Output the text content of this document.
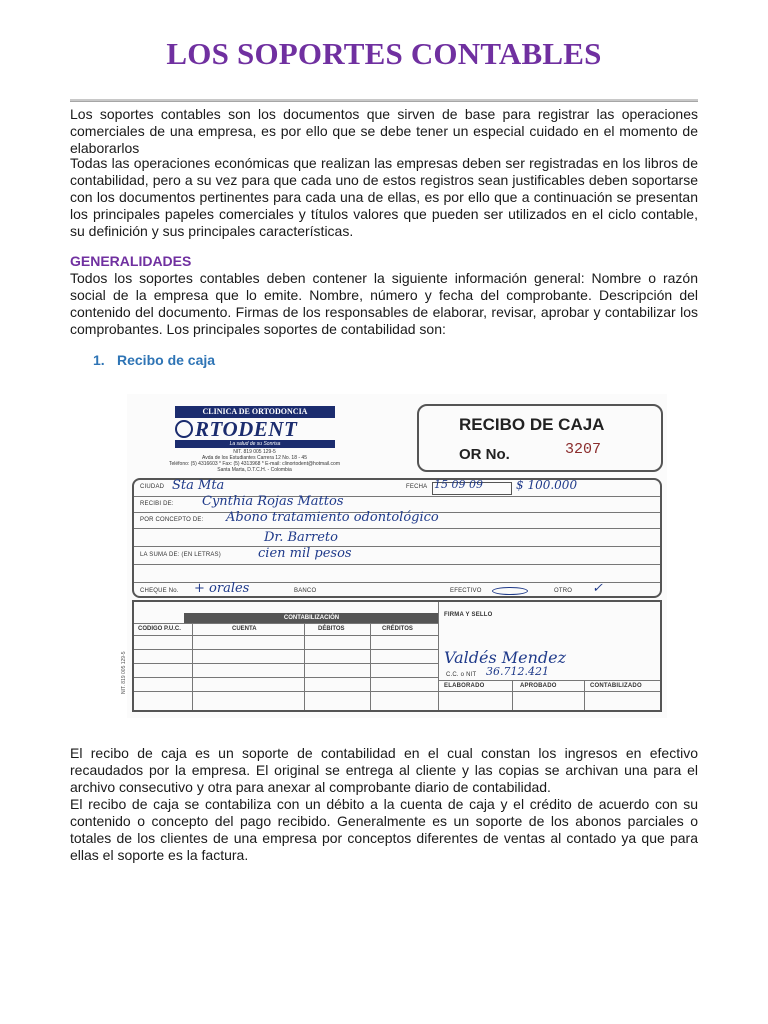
LOS SOPORTES CONTABLES

Los soportes contables son los documentos que sirven de base para registrar las operaciones comerciales de una empresa, es por ello que se debe tener un especial cuidado en el momento de elaborarlos

Todas las operaciones económicas que realizan las empresas deben ser registradas en los libros de contabilidad, pero a su vez para que cada uno de estos registros sean justificables deben soportarse con los documentos pertinentes para cada una de ellas, es por ello que a continuación se presentan los principales papeles comerciales y títulos valores que pueden ser utilizados en el ciclo contable, su definición y sus principales características.

GENERALIDADES

Todos los soportes contables deben contener la siguiente información general: Nombre o razón social de la empresa que lo emite. Nombre, número y fecha del comprobante. Descripción del contenido del documento. Firmas de los responsables de elaborar, revisar, aprobar y contabilizar los comprobantes. Los principales soportes de contabilidad son:

1. Recibo de caja
CLINICA DE ORTODONCIA
RTODENT
La salud de su Sonrisa
NIT. 819 005 129-5
Avda de los Estudiantes Carrera 12 No. 18 - 45
Teléfono: (5) 4316603 * Fax: (5) 4313968 * E-mail: clinortodent@hotmail.com
Santa Marta, D.T.C.H. - Colombia
RECIBO DE CAJA
OR No.	3207
CIUDAD Sta Mta	FECHA 15 09 09	$ 100.000
RECIBI DE: Cynthia Rojas Mattos
POR CONCEPTO DE: Abono tratamiento odontológico
Dr. Barreto
LA SUMA DE: (EN LETRAS)	cien mil pesos
CHEQUE No. + orales	BANCO	EFECTIVO	OTRO ✓
CONTABILIZACIÓN
CODIGO P.U.C.	CUENTA	DÉBITOS	CRÉDITOS
FIRMA Y SELLO
Valdés Mendez
C.C. o NIT 36.712.421
ELABORADO	APROBADO	CONTABILIZADO
NIT. 819 005 129-5

El recibo de caja es un soporte de contabilidad en el cual constan los ingresos en efectivo recaudados por la empresa. El original se entrega al cliente y las copias se archivan una para el archivo consecutivo y otra para anexar al comprobante diario de contabilidad.

El recibo de caja se contabiliza con un débito a la cuenta de caja y el crédito de acuerdo con su contenido o concepto del pago recibido. Generalmente es un soporte de los abonos parciales o totales de los clientes de una empresa por conceptos diferentes de ventas al contado ya que para ellas el soporte es la factura.
